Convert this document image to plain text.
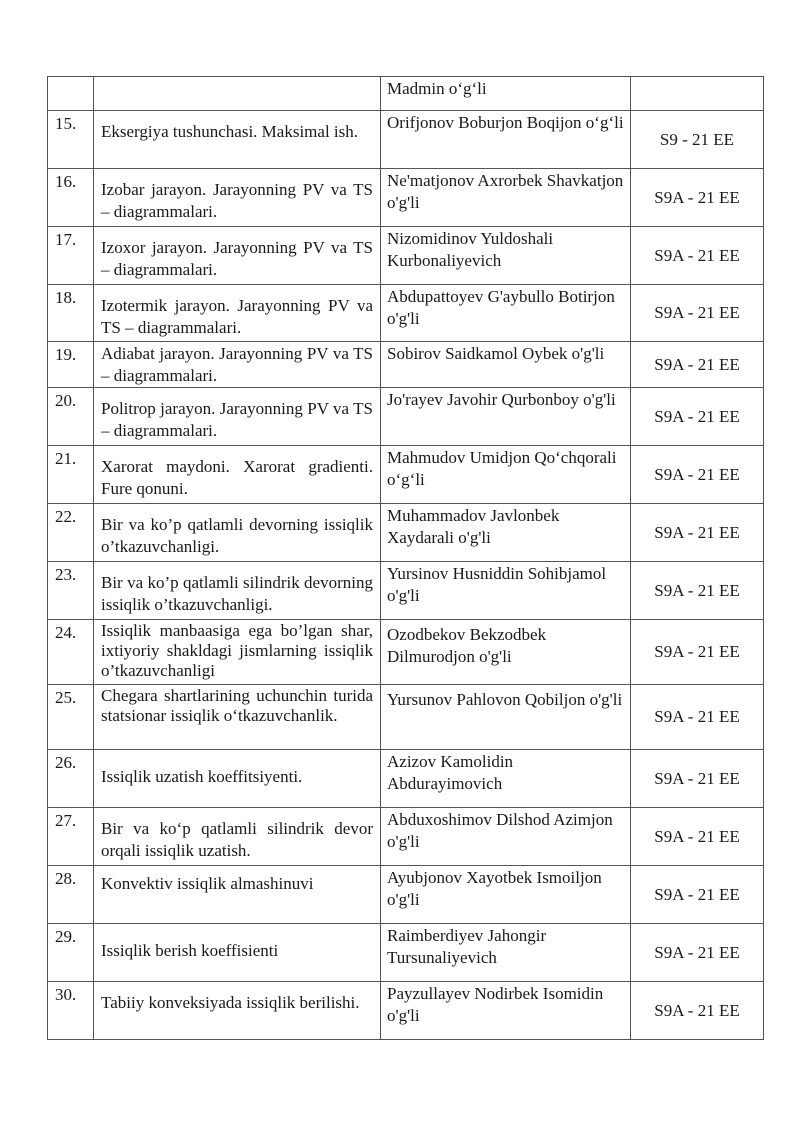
		Madmin o‘g‘li	

15.	Eksergiya tushunchasi. Maksimal ish.	Orifjonov Boburjon Boqijon o‘g‘li	S9 - 21 EE

16.	Izobar jarayon. Jarayonning PV va TS – diagrammalari.	Ne'matjonov Axrorbek Shavkatjon o'g'li	S9A - 21 EE

17.	Izoxor jarayon. Jarayonning PV va TS – diagrammalari.	Nizomidinov Yuldoshali Kurbonaliyevich	S9A - 21 EE

18.	Izotermik jarayon. Jarayonning PV va TS – diagrammalari.	Abdupattoyev G'aybullo Botirjon o'g'li	S9A - 21 EE

19.	Adiabat jarayon. Jarayonning PV va TS – diagrammalari.	Sobirov Saidkamol Oybek o'g'li	S9A - 21 EE

20.	Politrop jarayon. Jarayonning PV va TS – diagrammalari.	Jo'rayev Javohir Qurbonboy o'g'li	S9A - 21 EE

21.	Xarorat maydoni. Xarorat gradienti. Fure qonuni.	Mahmudov Umidjon Qo‘chqorali o‘g‘li	S9A - 21 EE

22.	Bir va ko’p qatlamli devorning issiqlik o’tkazuvchanligi.	Muhammadov Javlonbek Xaydarali o'g'li	S9A - 21 EE

23.	Bir va ko’p qatlamli silindrik devorning issiqlik o’tkazuvchanligi.	Yursinov Husniddin Sohibjamol o'g'li	S9A - 21 EE

24.	Issiqlik manbaasiga ega bo’lgan shar, ixtiyoriy shakldagi jismlarning issiqlik o’tkazuvchanligi	Ozodbekov Bekzodbek Dilmurodjon o'g'li	S9A - 21 EE

25.	Chegara shartlarining uchunchin turida statsionar issiqlik o‘tkazuvchanlik.	Yursunov Pahlovon Qobiljon o'g'li	S9A - 21 EE

26.	Issiqlik uzatish koeffitsiyenti.	Azizov Kamolidin Abdurayimovich	S9A - 21 EE

27.	Bir va ko‘p qatlamli silindrik devor orqali issiqlik uzatish.	Abduxoshimov Dilshod Azimjon o'g'li	S9A - 21 EE

28.	Konvektiv issiqlik almashinuvi	Ayubjonov Xayotbek Ismoiljon o'g'li	S9A - 21 EE

29.	Issiqlik berish koeffisienti	Raimberdiyev Jahongir Tursunaliyevich	S9A - 21 EE

30.	Tabiiy konveksiyada issiqlik berilishi.	Payzullayev Nodirbek Isomidin o'g'li	S9A - 21 EE
